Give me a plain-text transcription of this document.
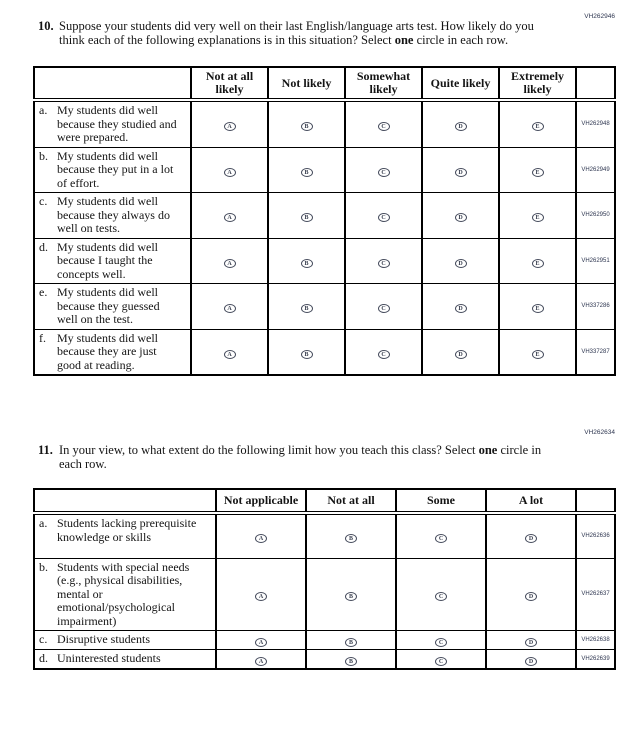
VH262946
10. Suppose your students did very well on their last English/language arts test. How likely do you think each of the following explanations is in this situation? Select one circle in each row.

	Not at all likely	Not likely	Somewhat likely	Quite likely	Extremely likely	

a. My students did well because they studied and were prepared.	A	B	C	D	E	VH262948

b. My students did well because they put in a lot of effort.	A	B	C	D	E	VH262949

c. My students did well because they always do well on tests.	A	B	C	D	E	VH262950

d. My students did well because I taught the concepts well.	A	B	C	D	E	VH262951

e. My students did well because they guessed well on the test.	A	B	C	D	E	VH337286

f. My students did well because they are just good at reading.	A	B	C	D	E	VH337287
VH262634
11. In your view, to what extent do the following limit how you teach this class? Select one circle in each row.

	Not applicable	Not at all	Some	A lot	

a. Students lacking prerequisite knowledge or skills	A	B	C	D	VH262636

b. Students with special needs (e.g., physical disabilities, mental or emotional/psychological impairment)	A	B	C	D	VH262637

c. Disruptive students	A	B	C	D	VH262638

d. Uninterested students	A	B	C	D	VH262639
